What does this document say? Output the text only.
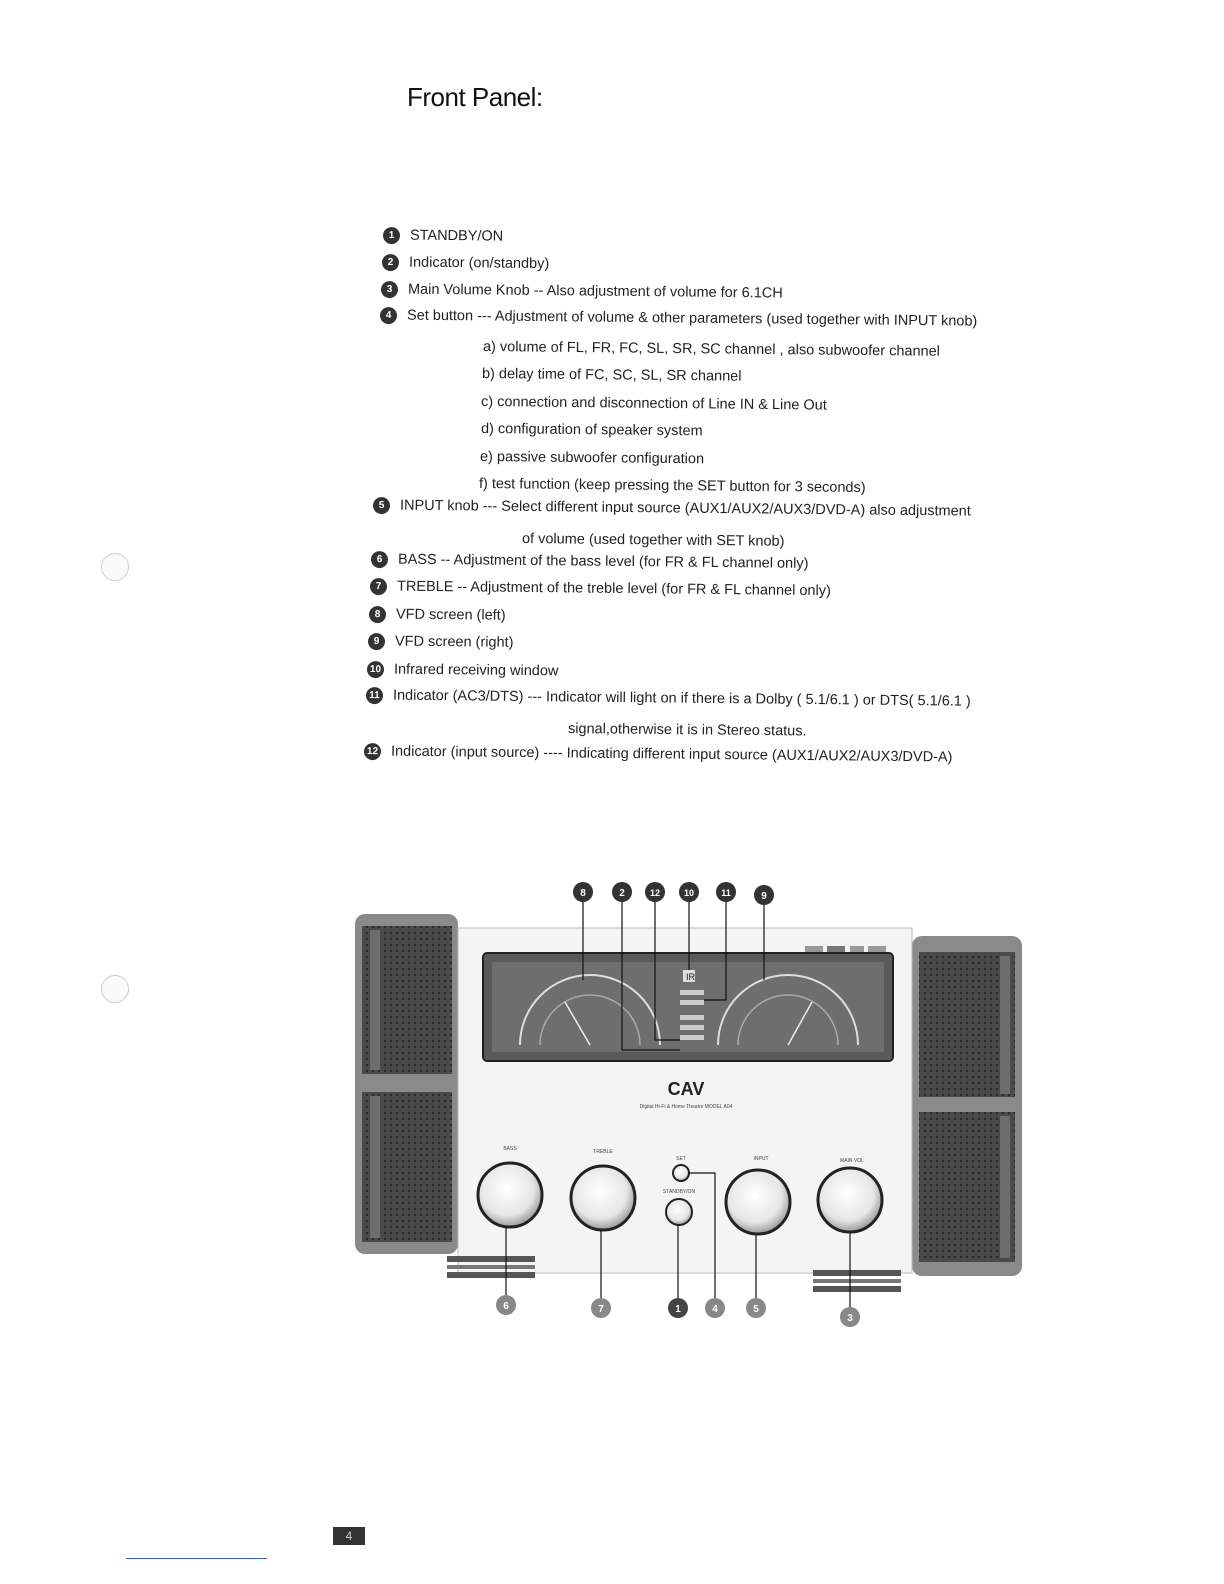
Front Panel:
1 STANDBY/ON
2 Indicator (on/standby)
3 Main Volume Knob -- Also adjustment of volume for 6.1CH
4 Set button --- Adjustment of volume & other parameters (used together with INPUT knob)
a) volume of FL, FR, FC, SL, SR, SC channel , also subwoofer channel
b) delay time of FC, SC, SL, SR channel
c) connection and disconnection of Line IN & Line Out
d) configuration of speaker system
e) passive subwoofer configuration
f) test function (keep pressing the SET button for 3 seconds)
5 INPUT knob --- Select different input source (AUX1/AUX2/AUX3/DVD-A) also adjustment
of volume (used together with SET knob)
6 BASS -- Adjustment of the bass level (for FR & FL channel only)
7 TREBLE -- Adjustment of the treble level (for FR & FL channel only)
8 VFD screen (left)
9 VFD screen (right)
10 Infrared receiving window
11 Indicator (AC3/DTS) --- Indicator will light on if there is a Dolby ( 5.1/6.1 ) or DTS( 5.1/6.1 )
signal,otherwise it is in Stereo status.
12 Indicator (input source) ---- Indicating different input source (AUX1/AUX2/AUX3/DVD-A)
IR
CAV
Digital Hi-Fi & Home Theatre MODEL A04
BASS	TREBLE
SET
STANDBY/ON
INPUT	MAIN VOL
8	2	12	10	11	9
6	7	1	4	5
3
4
